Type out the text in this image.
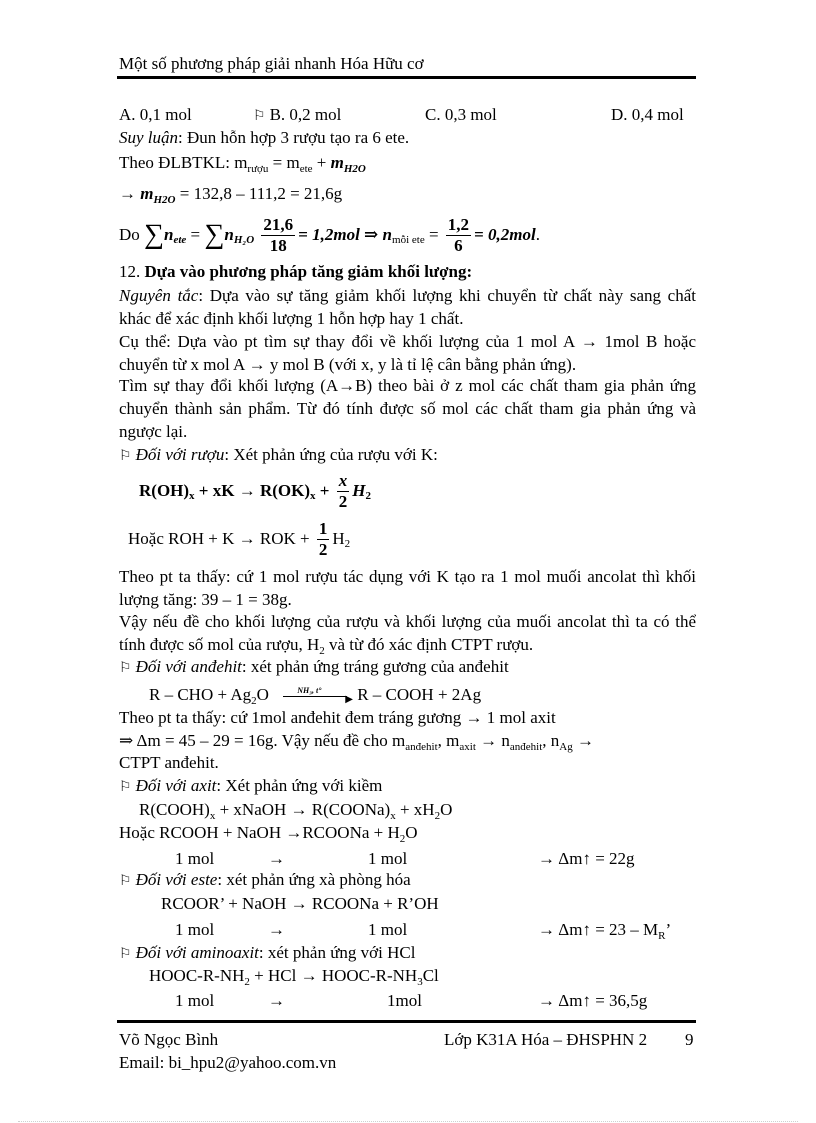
Một số phương pháp giải nhanh Hóa Hữu cơ
A. 0,1 mol	⚐ B. 0,2 mol	C. 0,3 mol	D. 0,4 mol
Suy luận: Đun hỗn hợp 3 rượu tạo ra 6 ete.
Theo ĐLBTKL: $m_{rượu} = m_{ete} + m_{H2O}$
→ $m_{H2O} = 132,8 - 111,2 = 21,6g$
Do $\sum n_{ete} = \sum n_{H_2O} \frac{21,6}{18} = 1,2mol$ ⇒ $n_{mỗi ete} = \frac{1,2}{6} = 0,2mol$.
12. Dựa vào phương pháp tăng giảm khối lượng:
Nguyên tắc: Dựa vào sự tăng giảm khối lượng khi chuyển từ chất này sang chất khác để xác định khối lượng 1 hỗn hợp hay 1 chất.
Cụ thể: Dựa vào pt tìm sự thay đổi về khối lượng của 1 mol A → 1mol B hoặc chuyển từ x mol A → y mol B (với x, y là tỉ lệ cân bằng phản ứng).
Tìm sự thay đổi khối lượng (A→B) theo bài ở z mol các chất tham gia phản ứng chuyển thành sản phẩm. Từ đó tính được số mol các chất tham gia phản ứng và ngược lại.
⚐ Đối với rượu: Xét phản ứng của rượu với K:
$R(OH)_x$ + xK → $R(OK)_x + \frac{x}{2} H_2$
Hoặc ROH + K → ROK + $\frac{1}{2} H_2$
Theo pt ta thấy: cứ 1 mol rượu tác dụng với K tạo ra 1 mol muối ancolat thì khối lượng tăng: 39 – 1 = 38g.
Vậy nếu đề cho khối lượng của rượu và khối lượng của muối ancolat thì ta có thể tính được số mol của rượu, $H_2$ và từ đó xác định CTPT rượu.
⚐ Đối với anđehit: xét phản ứng tráng gương của anđehit
R – CHO + $Ag_2O$	NH₃, t°
▶ R – COOH + 2Ag
Theo pt ta thấy: cứ 1mol anđehit đem tráng gương → 1 mol axit
⇒ Δm = 45 – 29 = 16g. Vậy nếu đề cho $m_{anđehit}$, $m_{axit} \to n_{anđehit}$, $n_{Ag}$ →
CTPT anđehit.
⚐ Đối với axit: Xét phản ứng với kiềm
$R(COOH)_x$ + xNaOH → $R(COONa)_x + xH_2O$
Hoặc RCOOH + NaOH →RCOONa + $H_2O$
1 mol	→	1 mol	→ Δm↑ = 22g
⚐ Đối với este: xét phản ứng xà phòng hóa
RCOOR’ + NaOH → RCOONa + R’OH
1 mol	→	1 mol	→ Δm↑ = $23 - M_R$’
⚐ Đối với aminoaxit: xét phản ứng với HCl
HOOC-$R-NH_2$ + HCl → HOOC-$R-NH_3Cl$
1 mol	→	1mol	→ Δm↑ = 36,5g
Võ Ngọc Bình	Lớp K31A Hóa – ĐHSPHN 2 9
Email: bi_hpu2@yahoo.com.vn
